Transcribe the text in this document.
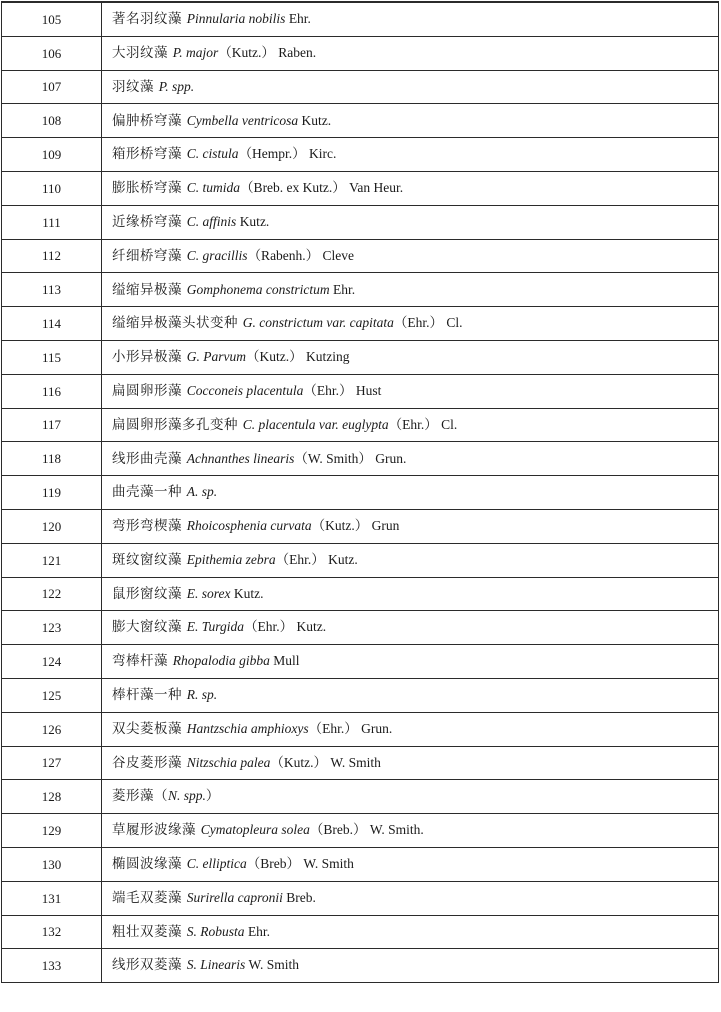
105	著名羽纹藻 Pinnularia nobilis Ehr.
106	大羽纹藻 P. major（Kutz.） Raben.
107	羽纹藻 P. spp.
108	偏肿桥穹藻 Cymbella ventricosa Kutz.
109	箱形桥穹藻 C. cistula（Hempr.） Kirc.
110	膨胀桥穹藻 C. tumida（Breb. ex Kutz.） Van Heur.
111	近缘桥穹藻 C. affinis Kutz.
112	纤细桥穹藻 C. gracillis（Rabenh.） Cleve
113	缢缩异极藻 Gomphonema constrictum Ehr.
114	缢缩异极藻头状变种 G. constrictum var. capitata（Ehr.） Cl.
115	小形异极藻 G. Parvum（Kutz.） Kutzing
116	扁圆卵形藻 Cocconeis placentula（Ehr.） Hust
117	扁圆卵形藻多孔变种 C. placentula var. euglypta（Ehr.） Cl.
118	线形曲壳藻 Achnanthes linearis（W. Smith） Grun.
119	曲壳藻一种 A. sp.
120	弯形弯楔藻 Rhoicosphenia curvata（Kutz.） Grun
121	斑纹窗纹藻 Epithemia zebra（Ehr.） Kutz.
122	鼠形窗纹藻 E. sorex Kutz.
123	膨大窗纹藻 E. Turgida（Ehr.） Kutz.
124	弯棒杆藻 Rhopalodia gibba Mull
125	棒杆藻一种 R. sp.
126	双尖菱板藻 Hantzschia amphioxys（Ehr.） Grun.
127	谷皮菱形藻 Nitzschia palea（Kutz.） W. Smith
128	菱形藻（N. spp.）
129	草履形波缘藻 Cymatopleura solea（Breb.） W. Smith.
130	椭圆波缘藻 C. elliptica（Breb） W. Smith
131	端毛双菱藻 Surirella capronii Breb.
132	粗壮双菱藻 S. Robusta Ehr.
133	线形双菱藻 S. Linearis W. Smith
